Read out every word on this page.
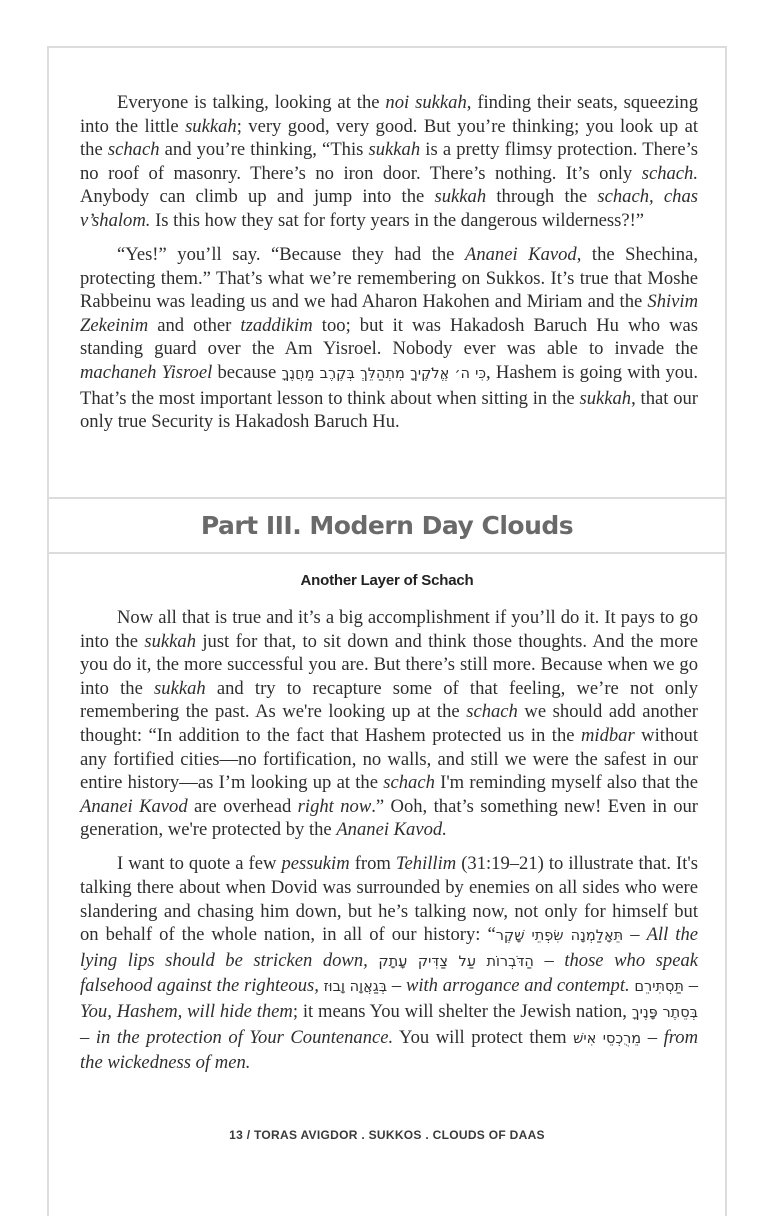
Everyone is talking, looking at the noi sukkah, finding their seats, squeezing into the little sukkah; very good, very good. But you’re thinking; you look up at the schach and you’re thinking, “This sukkah is a pretty flimsy protection. There’s no roof of masonry. There’s no iron door. There’s nothing. It’s only schach. Anybody can climb up and jump into the sukkah through the schach, chas v’shalom. Is this how they sat for forty years in the dangerous wilderness?!”

“Yes!” you’ll say. “Because they had the Ananei Kavod, the Shechina, protecting them.” That’s what we’re remembering on Sukkos. It’s true that Moshe Rabbeinu was leading us and we had Aharon Hakohen and Miriam and the Shivim Zekeinim and other tzaddikim too; but it was Hakadosh Baruch Hu who was standing guard over the Am Yisroel. Nobody ever was able to invade the machaneh Yisroel because כִּי ה׳ אֱלֹקֶיךָ מִתְהַלֵּךְ בְּקֶרֶב מַחֲנֶךָ, Hashem is going with you. That’s the most important lesson to think about when sitting in the sukkah, that our only true Security is Hakadosh Baruch Hu.

Part III. Modern Day Clouds
Another Layer of Schach

Now all that is true and it’s a big accomplishment if you’ll do it. It pays to go into the sukkah just for that, to sit down and think those thoughts. And the more you do it, the more successful you are. But there’s still more. Because when we go into the sukkah and try to recapture some of that feeling, we’re not only remembering the past. As we're looking up at the schach we should add another thought: “In addition to the fact that Hashem protected us in the midbar without any fortified cities—no fortification, no walls, and still we were the safest in our entire history—as I’m looking up at the schach I'm reminding myself also that the Ananei Kavod are overhead right now.” Ooh, that’s something new! Even in our generation, we're protected by the Ananei Kavod.

I want to quote a few pessukim from Tehillim (31:19–21) to illustrate that. It's talking there about when Dovid was surrounded by enemies on all sides who were slandering and chasing him down, but he’s talking now, not only for himself but on behalf of the whole nation, in all of our history: “תֵּאָלַמְנָה שִׂפְתֵי שָׁקֶר – All the lying lips should be stricken down, הַדֹּבְרוֹת עַל צַדִּיק עָתָק – those who speak falsehood against the righteous, בְּגַאֲוָה וָבוּז – with arrogance and contempt. תַּסְתִּירֵם – You, Hashem, will hide them; it means You will shelter the Jewish nation, בְּסֵתֶר פָּנֶיךָ – in the protection of Your Countenance. You will protect them מֵרֻכְסֵי אִישׁ – from the wickedness of men.

13 / TORAS AVIGDOR . SUKKOS . CLOUDS OF DAAS
